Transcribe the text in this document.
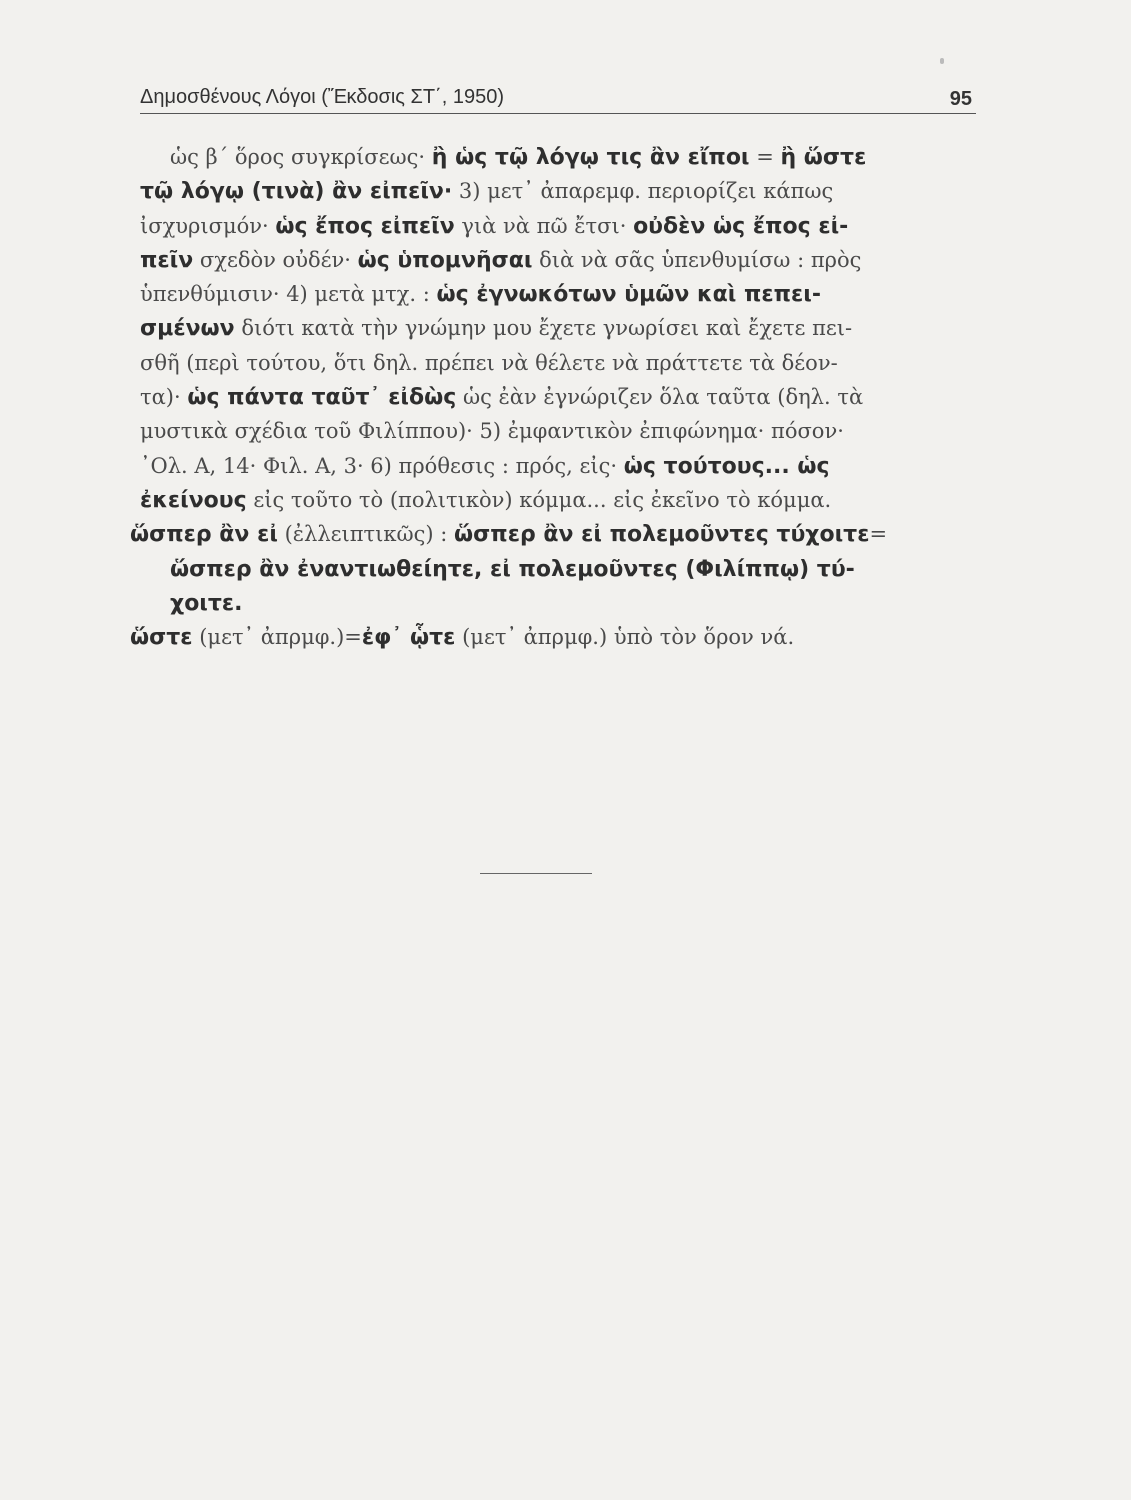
Δημοσθένους Λόγοι (Ἔκδοσις ΣΤ΄, 1950)	95
ὡς β΄ ὅρος συγκρίσεως· ἢ ὡς τῷ λόγῳ τις ἂν εἴποι = ἢ ὥστε
τῷ λόγῳ (τινὰ) ἂν εἰπεῖν· 3) μετ᾽ ἀπαρεμφ. περιορίζει κάπως
ἰσχυρισμόν· ὡς ἔπος εἰπεῖν γιὰ νὰ πῶ ἔτσι· οὐδὲν ὡς ἔπος εἰ-
πεῖν σχεδὸν οὐδέν· ὡς ὑπομνῆσαι διὰ νὰ σᾶς ὑπενθυμίσω : πρὸς
ὑπενθύμισιν· 4) μετὰ μτχ. : ὡς ἐγνωκότων ὑμῶν καὶ πεπει-
σμένων διότι κατὰ τὴν γνώμην μου ἔχετε γνωρίσει καὶ ἔχετε πει-
σθῆ (περὶ τούτου, ὅτι δηλ. πρέπει νὰ θέλετε νὰ πράττετε τὰ δέον-
τα)· ὡς πάντα ταῦτ᾽ εἰδὼς ὡς ἐὰν ἐγνώριζεν ὅλα ταῦτα (δηλ. τὰ
μυστικὰ σχέδια τοῦ Φιλίππου)· 5) ἐμφαντικὸν ἐπιφώνημα· πόσον·
᾽Ολ. Α, 14· Φιλ. Α, 3· 6) πρόθεσις : πρός, εἰς· ὡς τούτους... ὡς
ἐκείνους εἰς τοῦτο τὸ (πολιτικὸν) κόμμα... εἰς ἐκεῖνο τὸ κόμμα.
ὥσπερ ἂν εἰ (ἐλλειπτικῶς) : ὥσπερ ἂν εἰ πολεμοῦντες τύχοιτε=
ὥσπερ ἂν ἐναντιωθείητε, εἰ πολεμοῦντες (Φιλίππῳ) τύ-
χοιτε.
ὥστε (μετ᾽ ἀπρμφ.)=ἐφ᾽ ᾧτε (μετ᾽ ἀπρμφ.) ὑπὸ τὸν ὅρον νά.
